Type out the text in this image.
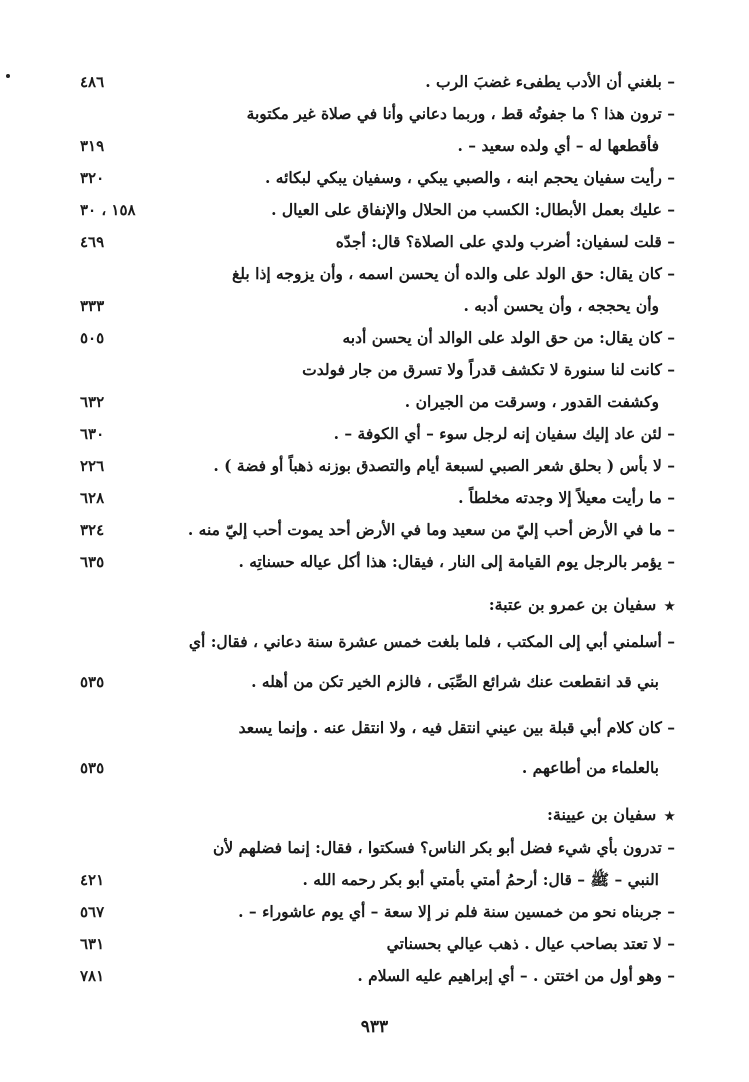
– بلغني أن الأدب يطفىء غضبَ الرب .
٤٨٦
– ترون هذا ؟ ما جفوتُه قط ، وربما دعاني وأنا في صلاة غير مكتوبة
فأقطعها له – أي ولده سعيد – .
٣١٩
– رأيت سفيان يحجم ابنه ، والصبي يبكي ، وسفيان يبكي لبكائه .
٣٢٠
– عليك بعمل الأبطال: الكسب من الحلال والإنفاق على العيال .
١٥٨ ، ٣٠
– قلت لسفيان: أضرب ولدي على الصلاة؟ قال: أجدّه
٤٦٩
– كان يقال: حق الولد على والده أن يحسن اسمه ، وأن يزوجه إذا بلغ
وأن يحججه ، وأن يحسن أدبه .
٣٣٣
– كان يقال: من حق الولد على الوالد أن يحسن أدبه
٥٠٥
– كانت لنا سنورة لا تكشف قدراً ولا تسرق من جار فولدت
وكشفت القدور ، وسرقت من الجيران .
٦٣٢
– لئن عاد إليك سفيان إنه لرجل سوء – أي الكوفة – .
٦٣٠
– لا بأس ( بحلق شعر الصبي لسبعة أيام والتصدق بوزنه ذهباً أو فضة ) .
٢٢٦
– ما رأيت معيلاً إلا وجدته مخلطاً .
٦٢٨
– ما في الأرض أحب إليّ من سعيد وما في الأرض أحد يموت أحب إليّ منه .
٣٢٤
– يؤمر بالرجل يوم القيامة إلى النار ، فيقال: هذا أكل عياله حسناتِه .
٦٣٥
★سفيان بن عمرو بن عتبة:
– أسلمني أبي إلى المكتب ، فلما بلغت خمس عشرة سنة دعاني ، فقال: أي
بني قد انقطعت عنك شرائع الصِّبَى ، فالزم الخير تكن من أهله .
٥٣٥
– كان كلام أبي قبلة بين عيني انتقل فيه ، ولا انتقل عنه . وإنما يسعد
بالعلماء من أطاعهم .
٥٣٥
★سفيان بن عيينة:
– تدرون بأي شيء فضل أبو بكر الناس؟ فسكتوا ، فقال: إنما فضلهم لأن
النبي – ﷺ – قال: أرحمُ أمتي بأمتي أبو بكر رحمه الله .
٤٢١
– جربناه نحو من خمسين سنة فلم نر إلا سعة – أي يوم عاشوراء – .
٥٦٧
– لا تعتد بصاحب عيال . ذهب عيالي بحسناتي
٦٣١
– وهو أول من اختتن . – أي إبراهيم عليه السلام .
٧٨١
٩٣٣
